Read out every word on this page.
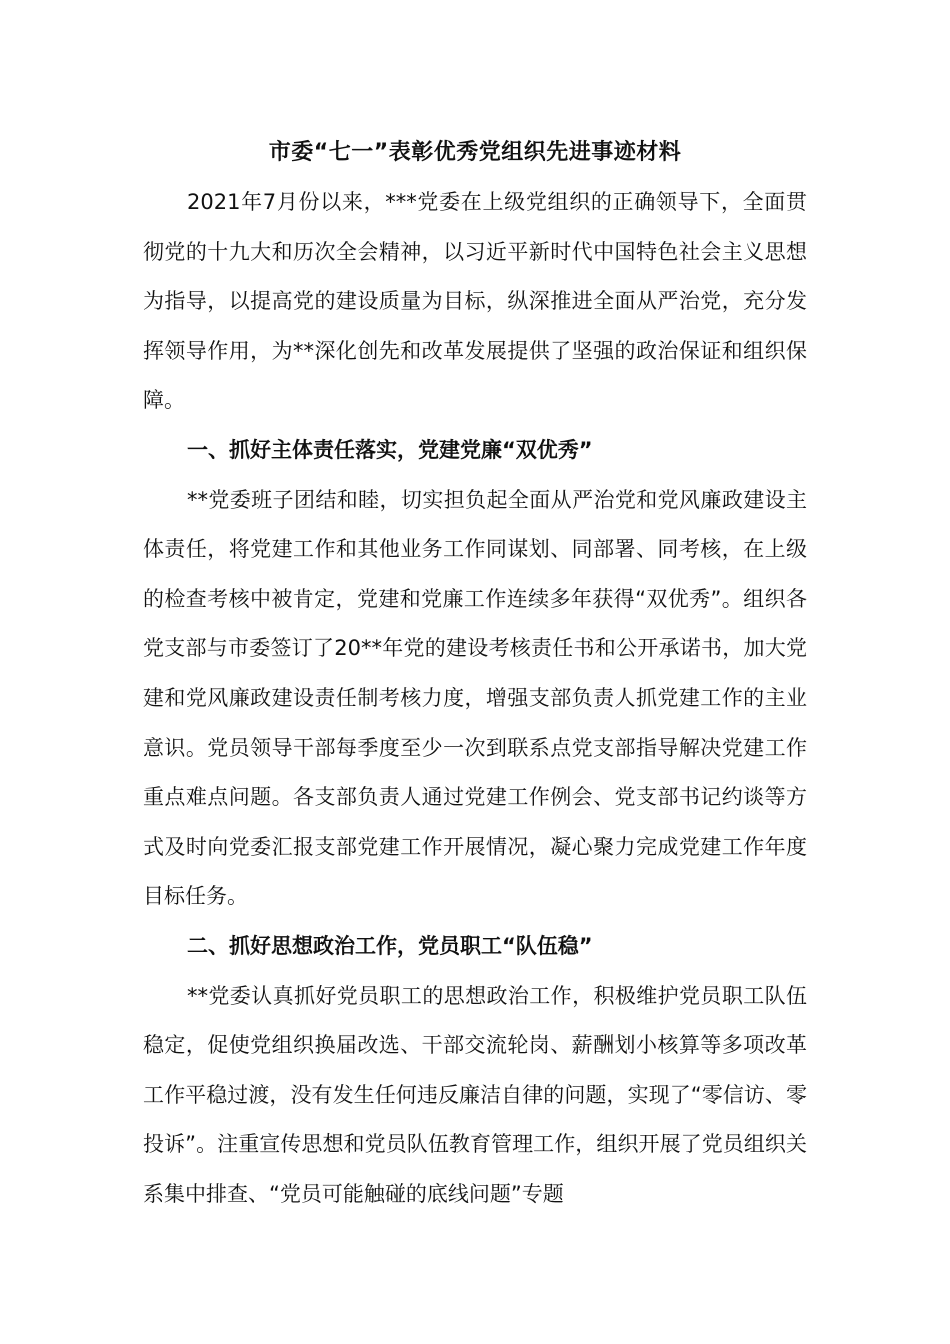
市委“七一”表彰优秀党组织先进事迹材料

2021年7月份以来，***党委在上级党组织的正确领导下，全面贯彻党的十九大和历次全会精神，以习近平新时代中国特色社会主义思想为指导，以提高党的建设质量为目标，纵深推进全面从严治党，充分发挥领导作用，为**深化创先和改革发展提供了坚强的政治保证和组织保障。

一、抓好主体责任落实，党建党廉“双优秀”

**党委班子团结和睦，切实担负起全面从严治党和党风廉政建设主体责任，将党建工作和其他业务工作同谋划、同部署、同考核，在上级的检查考核中被肯定，党建和党廉工作连续多年获得“双优秀”。组织各党支部与市委签订了20**年党的建设考核责任书和公开承诺书，加大党建和党风廉政建设责任制考核力度，增强支部负责人抓党建工作的主业意识。党员领导干部每季度至少一次到联系点党支部指导解决党建工作重点难点问题。各支部负责人通过党建工作例会、党支部书记约谈等方式及时向党委汇报支部党建工作开展情况，凝心聚力完成党建工作年度目标任务。

二、抓好思想政治工作，党员职工“队伍稳”

**党委认真抓好党员职工的思想政治工作，积极维护党员职工队伍稳定，促使党组织换届改选、干部交流轮岗、薪酬划小核算等多项改革工作平稳过渡，没有发生任何违反廉洁自律的问题，实现了“零信访、零投诉”。注重宣传思想和党员队伍教育管理工作，组织开展了党员组织关系集中排查、“党员可能触碰的底线问题”专题
